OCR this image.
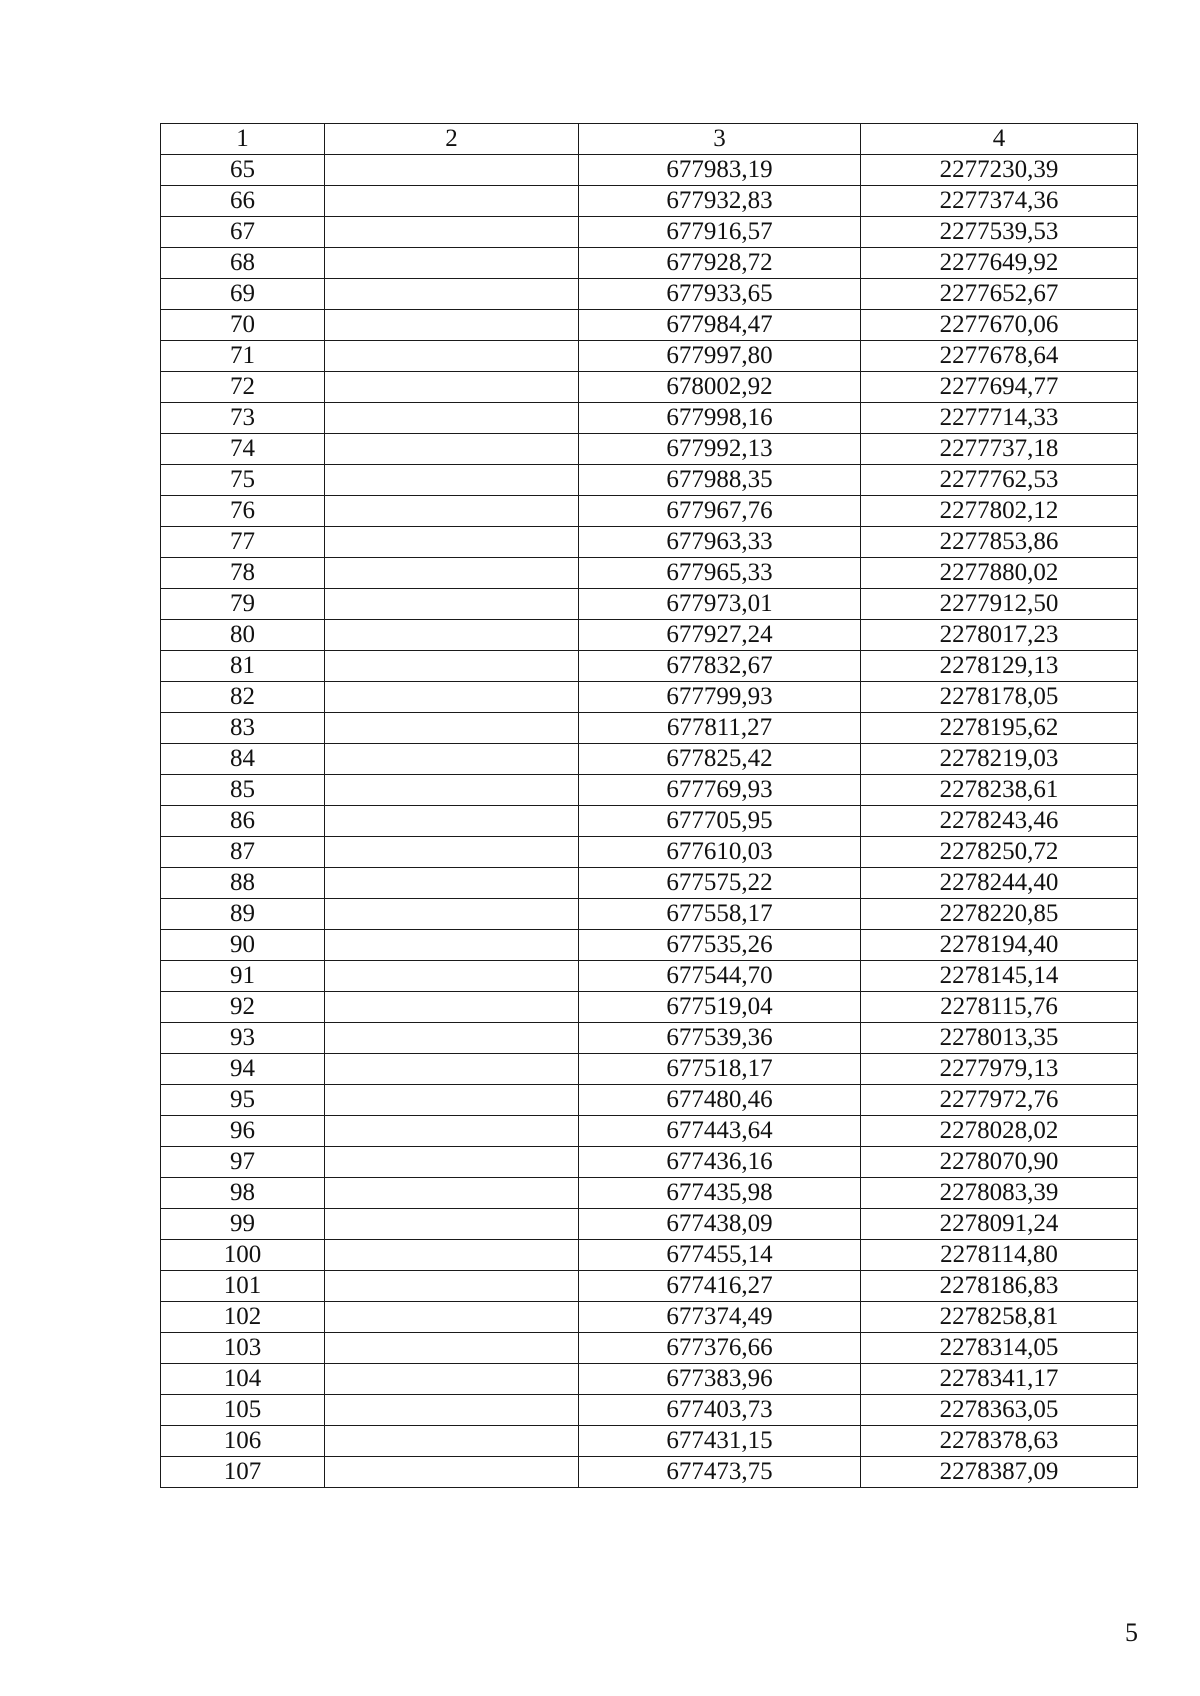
1	2	3	4
65		677983,19	2277230,39
66		677932,83	2277374,36
67		677916,57	2277539,53
68		677928,72	2277649,92
69		677933,65	2277652,67
70		677984,47	2277670,06
71		677997,80	2277678,64
72		678002,92	2277694,77
73		677998,16	2277714,33
74		677992,13	2277737,18
75		677988,35	2277762,53
76		677967,76	2277802,12
77		677963,33	2277853,86
78		677965,33	2277880,02
79		677973,01	2277912,50
80		677927,24	2278017,23
81		677832,67	2278129,13
82		677799,93	2278178,05
83		677811,27	2278195,62
84		677825,42	2278219,03
85		677769,93	2278238,61
86		677705,95	2278243,46
87		677610,03	2278250,72
88		677575,22	2278244,40
89		677558,17	2278220,85
90		677535,26	2278194,40
91		677544,70	2278145,14
92		677519,04	2278115,76
93		677539,36	2278013,35
94		677518,17	2277979,13
95		677480,46	2277972,76
96		677443,64	2278028,02
97		677436,16	2278070,90
98		677435,98	2278083,39
99		677438,09	2278091,24
100		677455,14	2278114,80
101		677416,27	2278186,83
102		677374,49	2278258,81
103		677376,66	2278314,05
104		677383,96	2278341,17
105		677403,73	2278363,05
106		677431,15	2278378,63
107		677473,75	2278387,09
5
